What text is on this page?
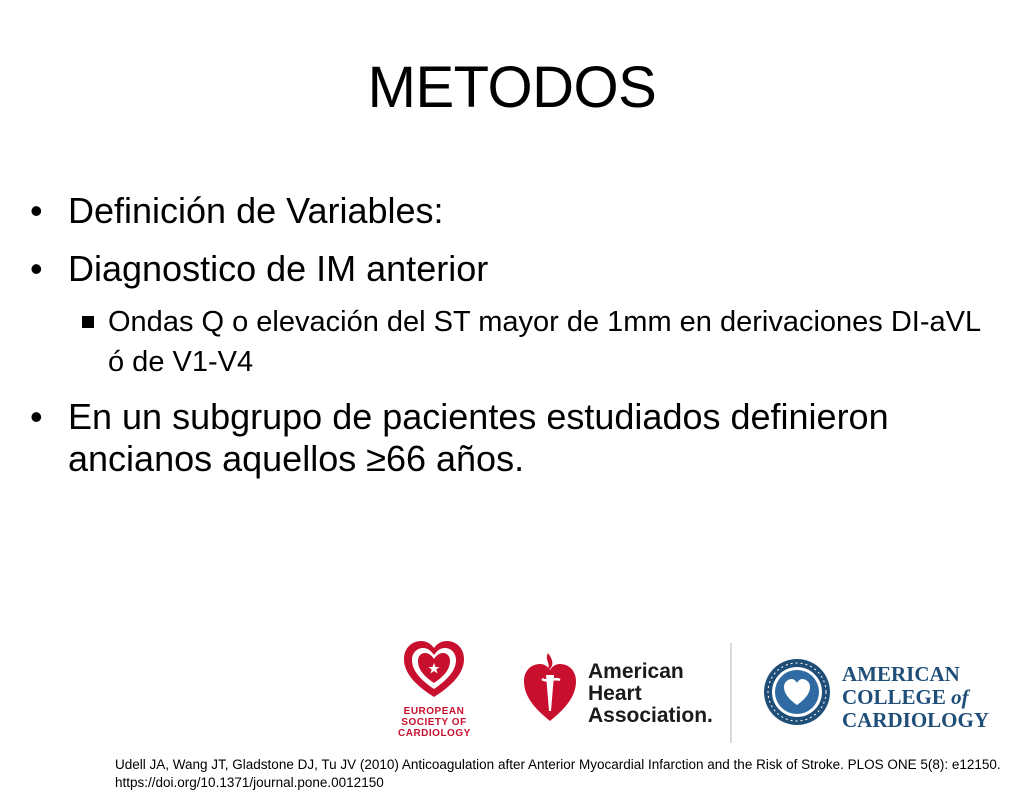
METODOS
• Definición de Variables:
• Diagnostico de IM anterior
Ondas Q o elevación del ST mayor de 1mm en derivaciones DI-aVL ó de V1-V4
• En un subgrupo de pacientes estudiados definieron ancianos aquellos ≥66 años.
EUROPEAN
SOCIETY OF
CARDIOLOGY
American
Heart
Association.
AMERICAN
COLLEGE of
CARDIOLOGY
Udell JA, Wang JT, Gladstone DJ, Tu JV (2010) Anticoagulation after Anterior Myocardial Infarction and the Risk of Stroke. PLOS ONE 5(8): e12150. https://doi.org/10.1371/journal.pone.0012150
